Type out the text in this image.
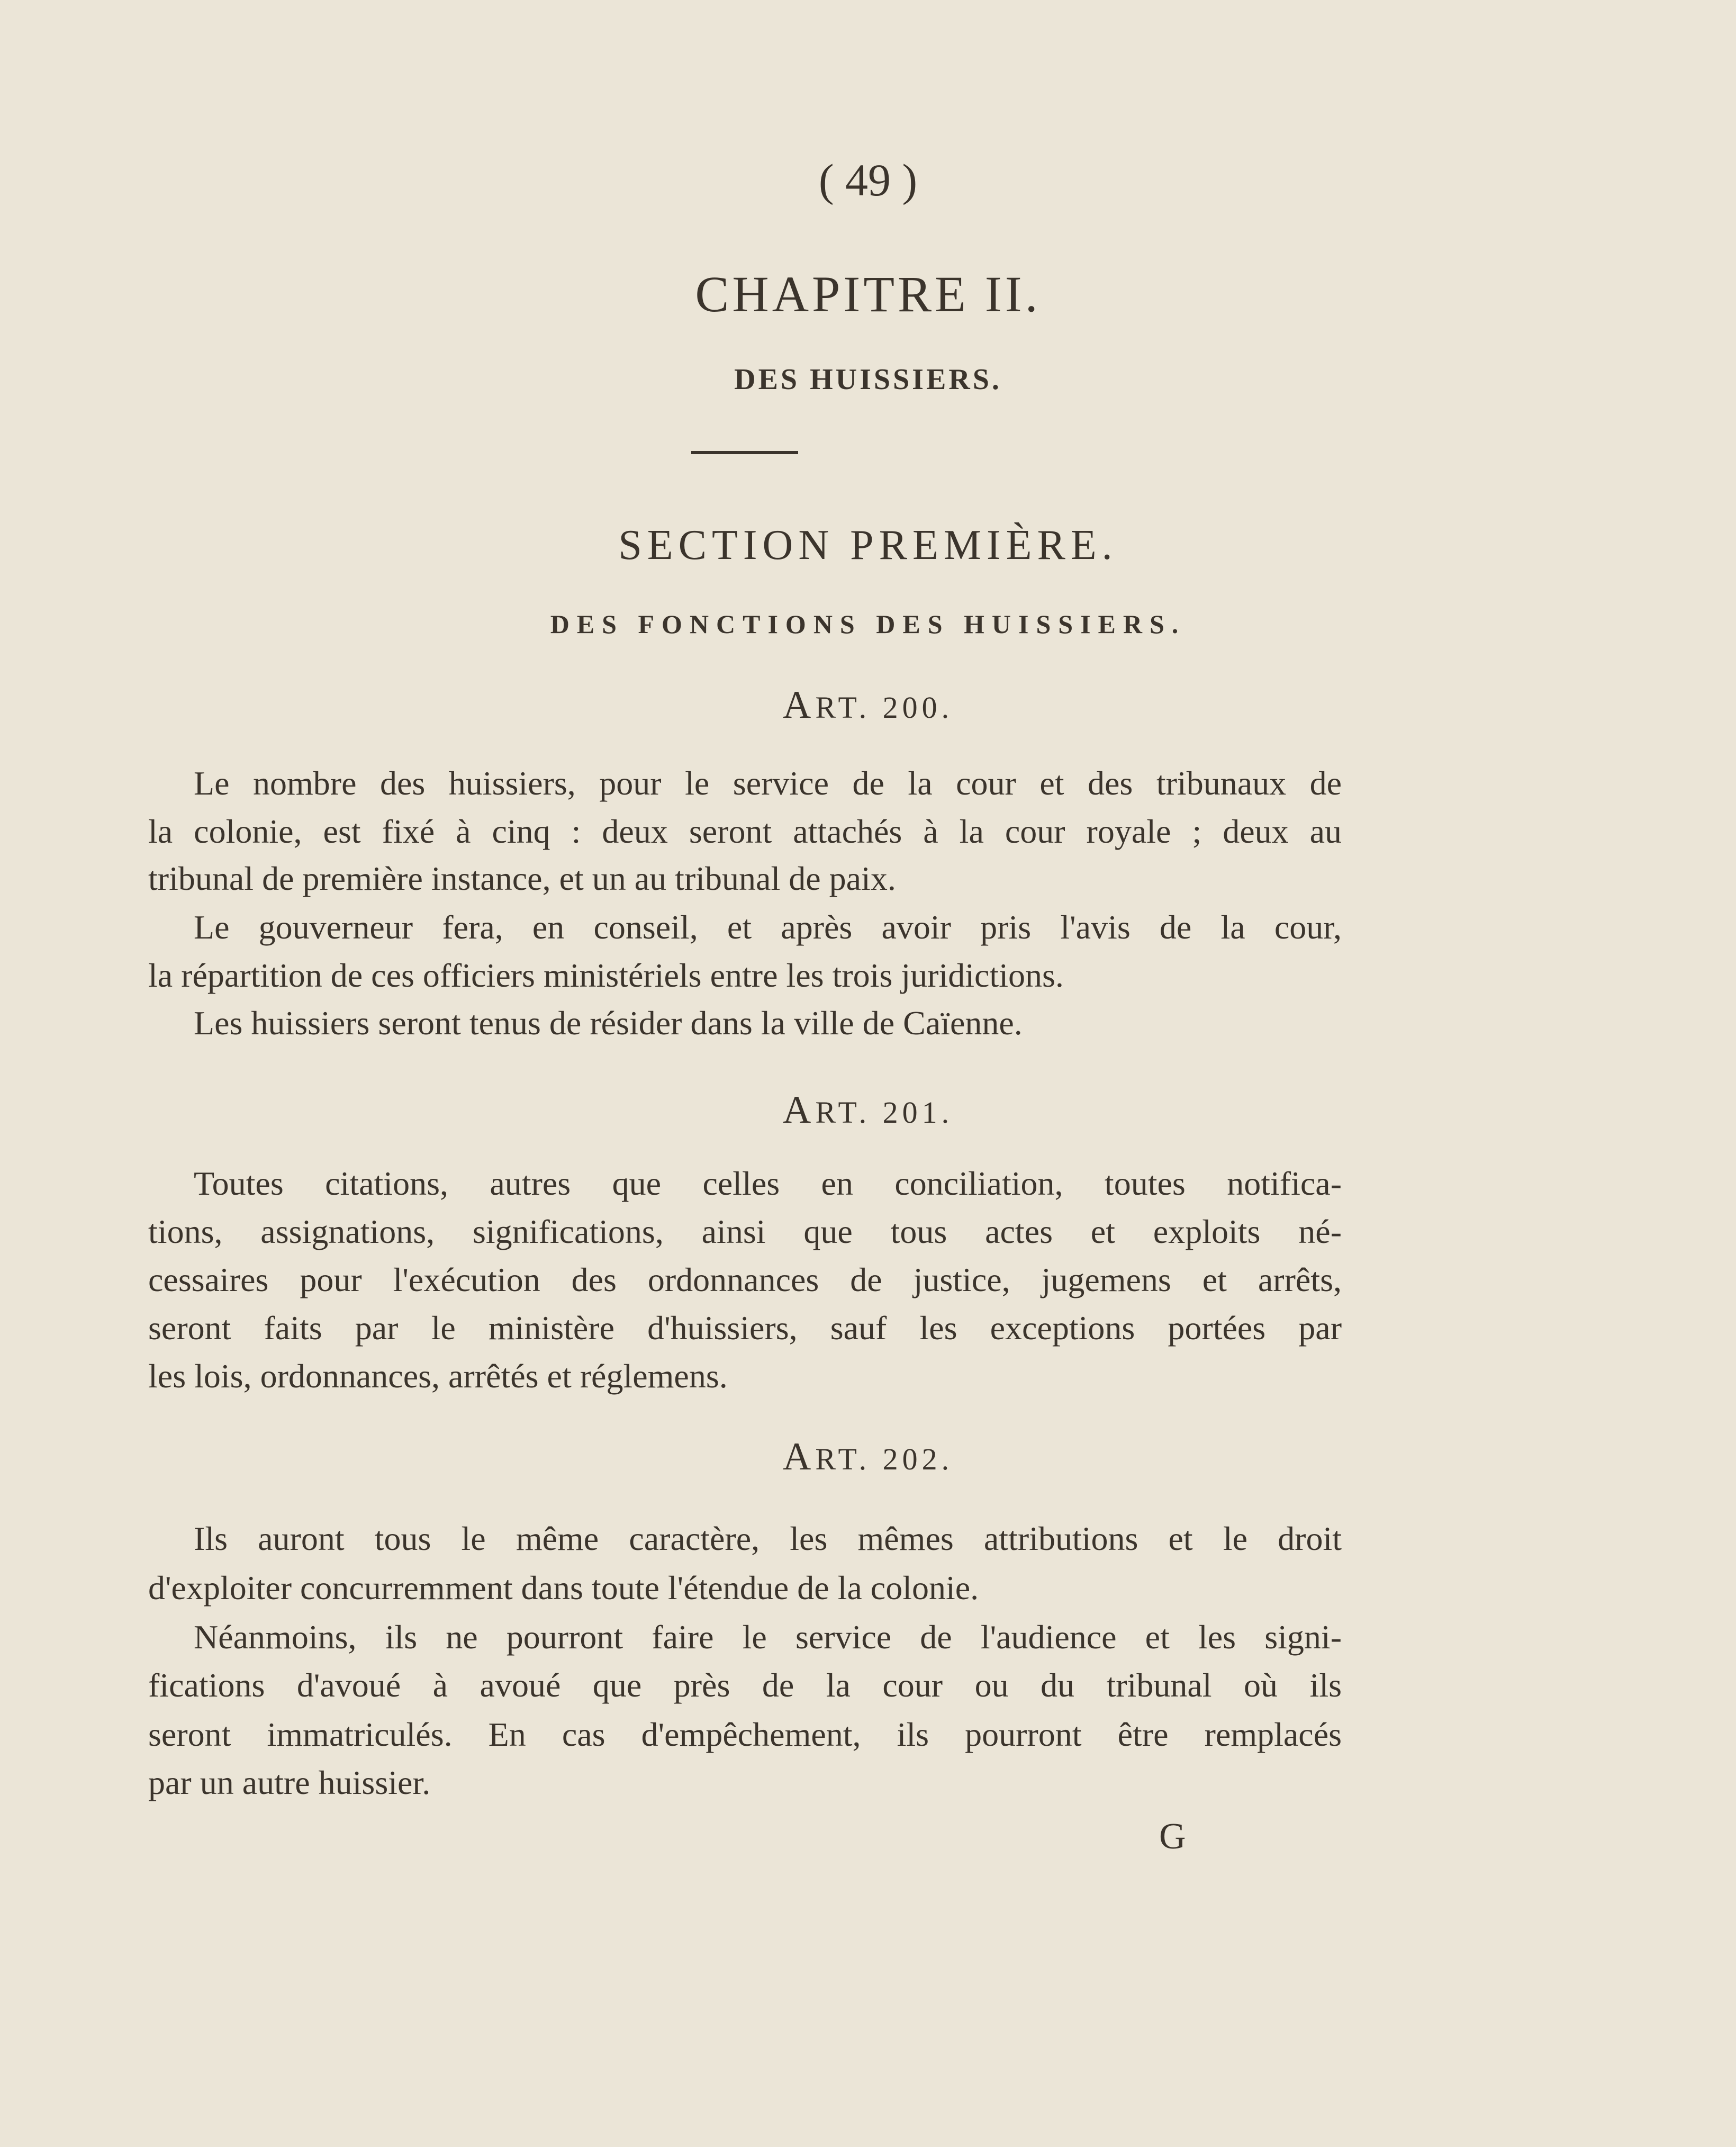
( 49 )
CHAPITRE II.
DES HUISSIERS.
SECTION PREMIÈRE.
DES FONCTIONS DES HUISSIERS.
ART. 200.
Le nombre des huissiers, pour le service de la cour et des tribunaux de
la colonie, est fixé à cinq : deux seront attachés à la cour royale ; deux au
tribunal de première instance, et un au tribunal de paix.
Le gouverneur fera, en conseil, et après avoir pris l'avis de la cour,
la répartition de ces officiers ministériels entre les trois juridictions.
Les huissiers seront tenus de résider dans la ville de Caïenne.
ART. 201.
Toutes citations, autres que celles en conciliation, toutes notifica-
tions, assignations, significations, ainsi que tous actes et exploits né-
cessaires pour l'exécution des ordonnances de justice, jugemens et arrêts,
seront faits par le ministère d'huissiers, sauf les exceptions portées par
les lois, ordonnances, arrêtés et réglemens.
ART. 202.
Ils auront tous le même caractère, les mêmes attributions et le droit
d'exploiter concurremment dans toute l'étendue de la colonie.
Néanmoins, ils ne pourront faire le service de l'audience et les signi-
fications d'avoué à avoué que près de la cour ou du tribunal où ils
seront immatriculés. En cas d'empêchement, ils pourront être remplacés
par un autre huissier.
G
